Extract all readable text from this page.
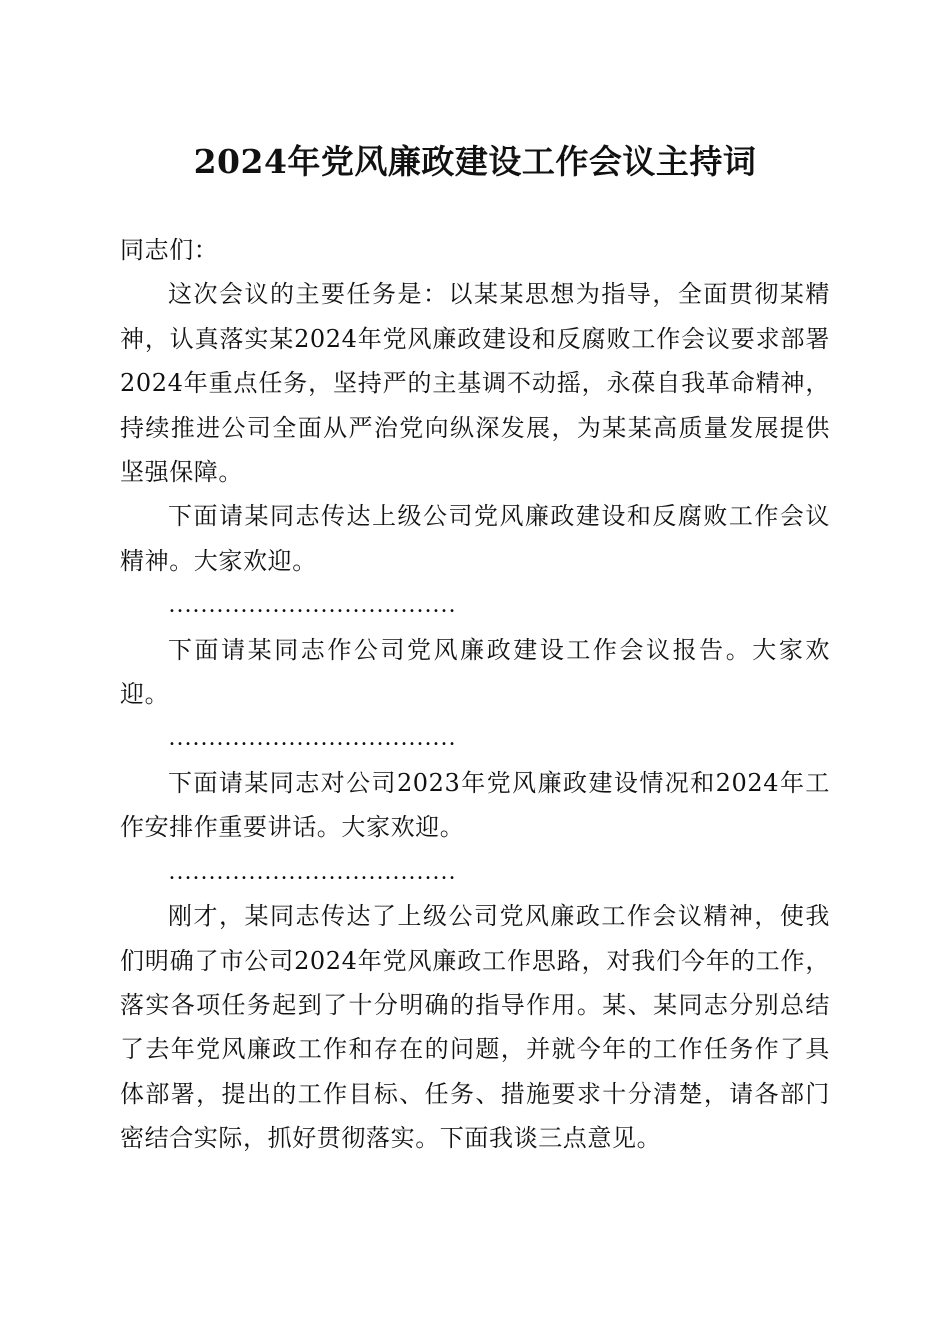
2024年党风廉政建设工作会议主持词

同志们：

这次会议的主要任务是：以某某思想为指导，全面贯彻某精神，认真落实某2024年党风廉政建设和反腐败工作会议要求部署2024年重点任务，坚持严的主基调不动摇，永葆自我革命精神，持续推进公司全面从严治党向纵深发展，为某某高质量发展提供坚强保障。

下面请某同志传达上级公司党风廉政建设和反腐败工作会议精神。大家欢迎。

………………………………

下面请某同志作公司党风廉政建设工作会议报告。大家欢迎。

………………………………

下面请某同志对公司2023年党风廉政建设情况和2024年工作安排作重要讲话。大家欢迎。

………………………………

刚才，某同志传达了上级公司党风廉政工作会议精神，使我们明确了市公司2024年党风廉政工作思路，对我们今年的工作，落实各项任务起到了十分明确的指导作用。某、某同志分别总结了去年党风廉政工作和存在的问题，并就今年的工作任务作了具体部署，提出的工作目标、任务、措施要求十分清楚，请各部门密结合实际，抓好贯彻落实。下面我谈三点意见。
